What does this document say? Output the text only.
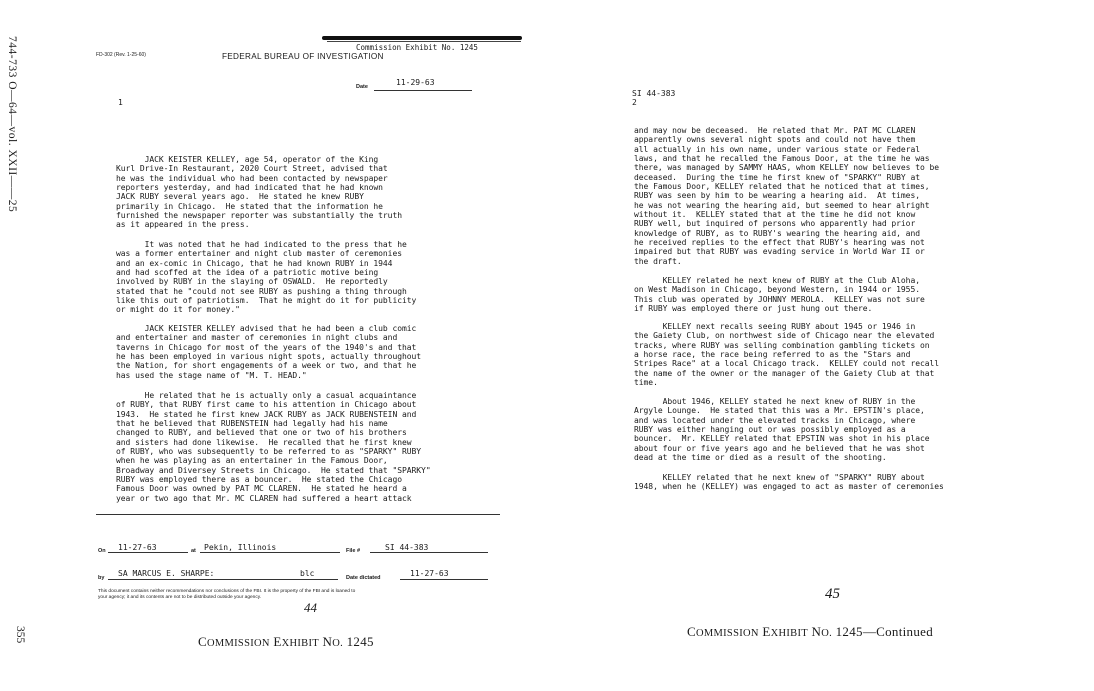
744-733 O—64—vol. XXII——25
355
FD-302 (Rev. 1-25-60)
Commission Exhibit No. 1245
FEDERAL BUREAU OF INVESTIGATION
Date	11-29-63
1
JACK KEISTER KELLEY, age 54, operator of the King
Kurl Drive-In Restaurant, 2020 Court Street, advised that
he was the individual who had been contacted by newspaper
reporters yesterday, and had indicated that he had known
JACK RUBY several years ago.  He stated he knew RUBY
primarily in Chicago.  He stated that the information he
furnished the newspaper reporter was substantially the truth
as it appeared in the press.
It was noted that he had indicated to the press that he
was a former entertainer and night club master of ceremonies
and an ex-comic in Chicago, that he had known RUBY in 1944
and had scoffed at the idea of a patriotic motive being
involved by RUBY in the slaying of OSWALD.  He reportedly
stated that he "could not see RUBY as pushing a thing through
like this out of patriotism.  That he might do it for publicity
or might do it for money."
JACK KEISTER KELLEY advised that he had been a club comic
and entertainer and master of ceremonies in night clubs and
taverns in Chicago for most of the years of the 1940's and that
he has been employed in various night spots, actually throughout
the Nation, for short engagements of a week or two, and that he
has used the stage name of "M. T. HEAD."
He related that he is actually only a casual acquaintance
of RUBY, that RUBY first came to his attention in Chicago about
1943.  He stated he first knew JACK RUBY as JACK RUBENSTEIN and
that he believed that RUBENSTEIN had legally had his name
changed to RUBY, and believed that one or two of his brothers
and sisters had done likewise.  He recalled that he first knew
of RUBY, who was subsequently to be referred to as "SPARKY" RUBY
when he was playing as an entertainer in the Famous Door,
Broadway and Diversey Streets in Chicago.  He stated that "SPARKY"
RUBY was employed there as a bouncer.  He stated the Chicago
Famous Door was owned by PAT MC CLAREN.  He stated he heard a
year or two ago that Mr. MC CLAREN had suffered a heart attack
On 11-27-63	at Pekin, Illinois	File #	SI 44-383
by SA MARCUS E. SHARPE:	blc	Date dictated	11-27-63
This document contains neither recommendations nor conclusions of the FBI. It is the property of the FBI and is loaned to
your agency; it and its contents are not to be distributed outside your agency.
44
COMMISSION EXHIBIT NO. 1245
SI 44-383
2
and may now be deceased.  He related that Mr. PAT MC CLAREN
apparently owns several night spots and could not have them
all actually in his own name, under various state or Federal
laws, and that he recalled the Famous Door, at the time he was
there, was managed by SAMMY HAAS, whom KELLEY now believes to be
deceased.  During the time he first knew of "SPARKY" RUBY at
the Famous Door, KELLEY related that he noticed that at times,
RUBY was seen by him to be wearing a hearing aid.  At times,
he was not wearing the hearing aid, but seemed to hear alright
without it.  KELLEY stated that at the time he did not know
RUBY well, but inquired of persons who apparently had prior
knowledge of RUBY, as to RUBY's wearing the hearing aid, and
he received replies to the effect that RUBY's hearing was not
impaired but that RUBY was evading service in World War II or
the draft.
KELLEY related he next knew of RUBY at the Club Aloha,
on West Madison in Chicago, beyond Western, in 1944 or 1955.
This club was operated by JOHNNY MEROLA.  KELLEY was not sure
if RUBY was employed there or just hung out there.
KELLEY next recalls seeing RUBY about 1945 or 1946 in
the Gaiety Club, on northwest side of Chicago near the elevated
tracks, where RUBY was selling combination gambling tickets on
a horse race, the race being referred to as the "Stars and
Stripes Race" at a local Chicago track.  KELLEY could not recall
the name of the owner or the manager of the Gaiety Club at that
time.
About 1946, KELLEY stated he next knew of RUBY in the
Argyle Lounge.  He stated that this was a Mr. EPSTIN's place,
and was located under the elevated tracks in Chicago, where
RUBY was either hanging out or was possibly employed as a
bouncer.  Mr. KELLEY related that EPSTIN was shot in his place
about four or five years ago and he believed that he was shot
dead at the time or died as a result of the shooting.
KELLEY related that he next knew of "SPARKY" RUBY about
1948, when he (KELLEY) was engaged to act as master of ceremonies
45
COMMISSION EXHIBIT NO. 1245—Continued
